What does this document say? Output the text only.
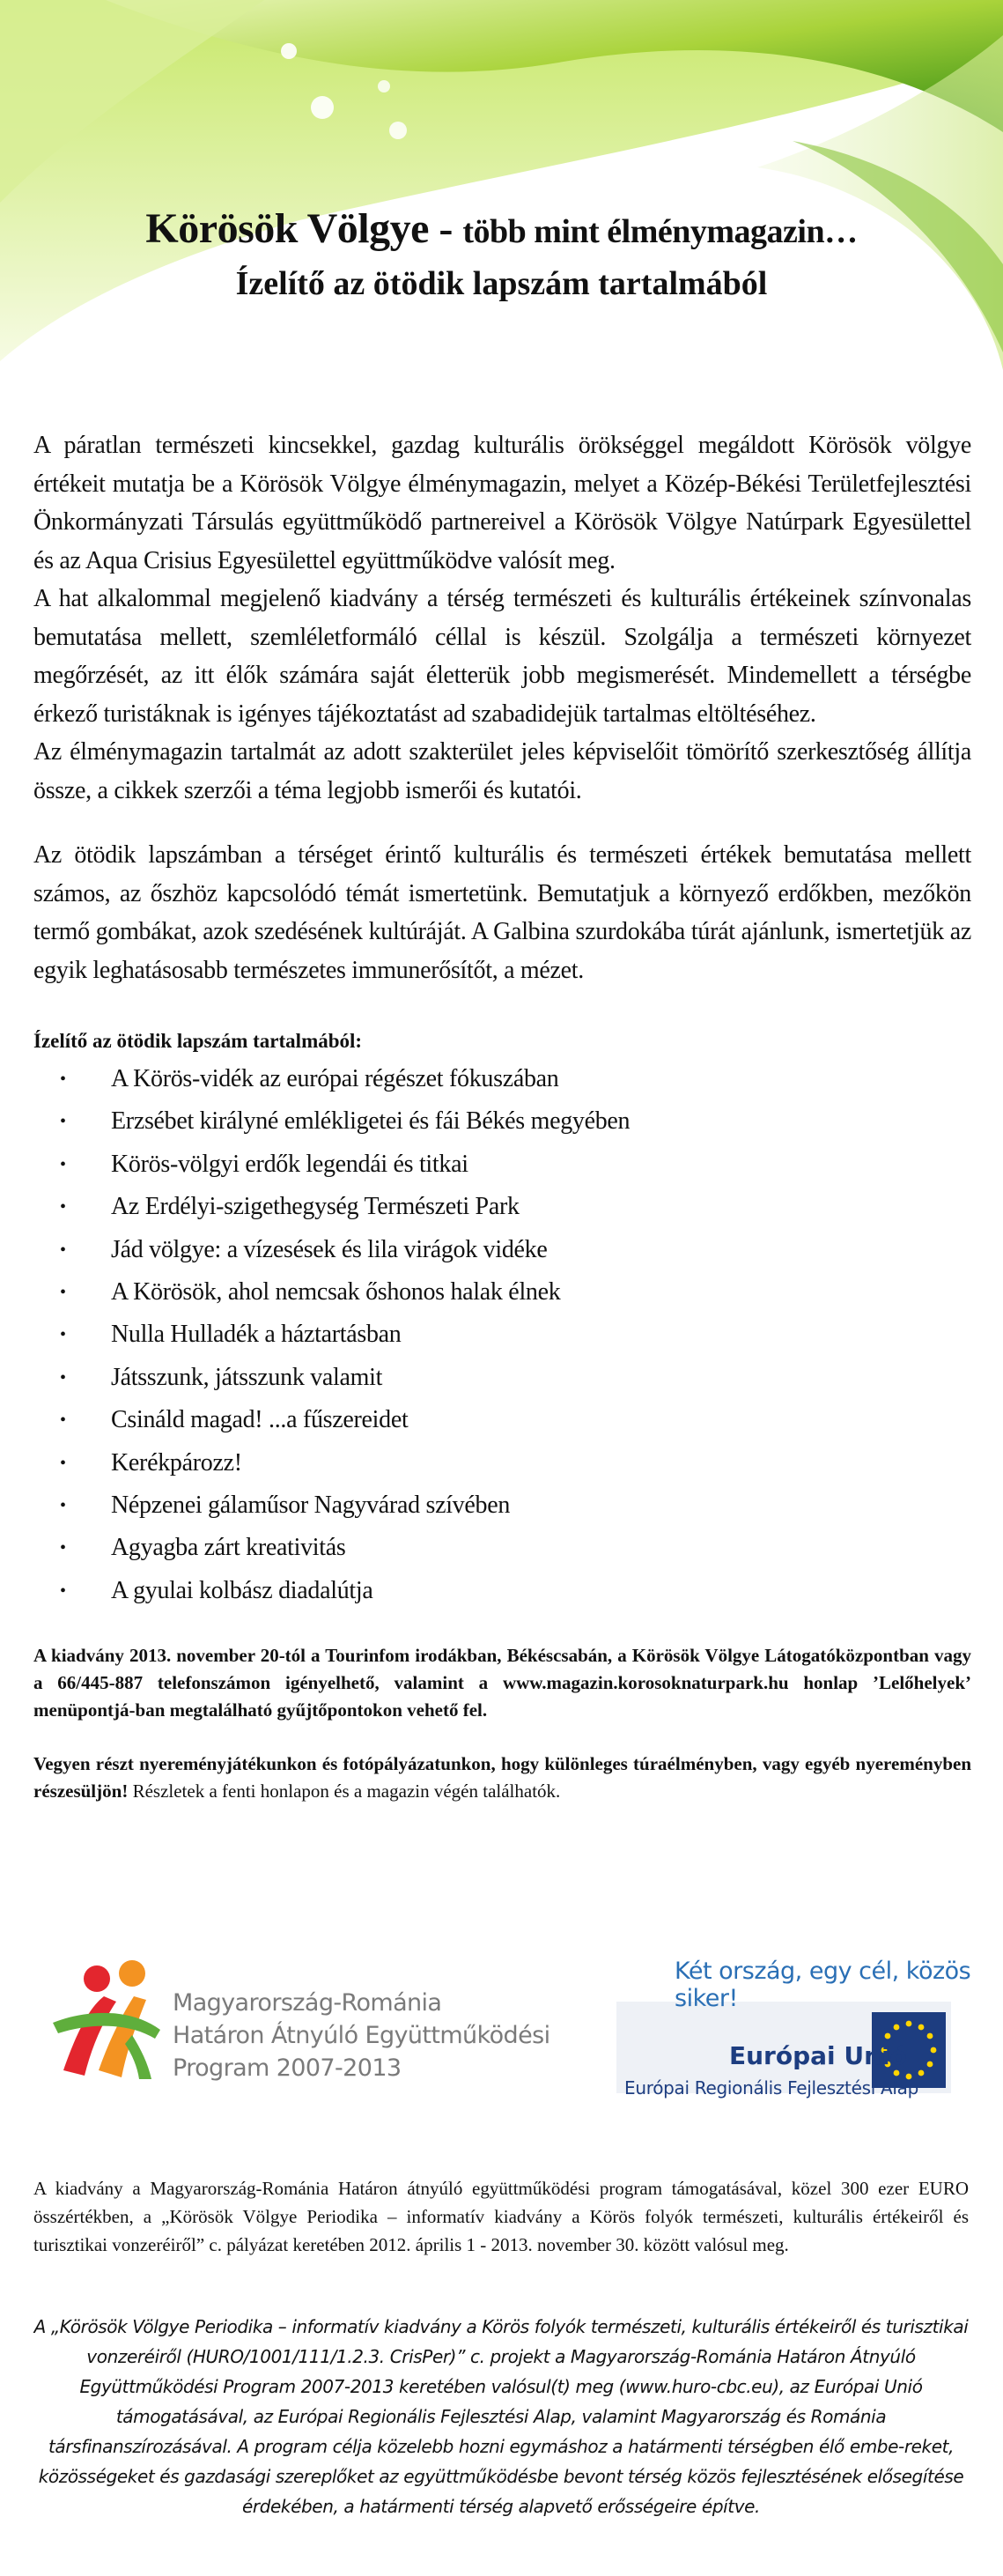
Körösök Völgye - több mint élménymagazin…
Ízelítő az ötödik lapszám tartalmából

A páratlan természeti kincsekkel, gazdag kulturális örökséggel megáldott Körösök völgye értékeit mutatja be a Körösök Völgye élménymagazin, melyet a Közép-Békési Területfejlesztési Önkormányzati Társulás együttműködő partnereivel a Körösök Völgye Natúrpark Egyesülettel és az Aqua Crisius Egyesülettel együttműködve valósít meg.

A hat alkalommal megjelenő kiadvány a térség természeti és kulturális értékeinek színvonalas bemutatása mellett, szemléletformáló céllal is készül. Szolgálja a természeti környezet megőrzését, az itt élők számára saját életterük jobb megismerését. Mindemellett a térségbe érkező turistáknak is igényes tájékoztatást ad szabadidejük tartalmas eltöltéséhez.

Az élménymagazin tartalmát az adott szakterület jeles képviselőit tömörítő szerkesztőség állítja össze, a cikkek szerzői a téma legjobb ismerői és kutatói.

Az ötödik lapszámban a térséget érintő kulturális és természeti értékek bemutatása mellett számos, az őszhöz kapcsolódó témát ismertetünk. Bemutatjuk a környező erdőkben, mezőkön termő gombákat, azok szedésének kultúráját. A Galbina szurdokába túrát ajánlunk, ismertetjük az egyik leghatásosabb természetes immunerősítőt, a mézet.

Ízelítő az ötödik lapszám tartalmából:

• A Körös-vidék az európai régészet fókuszában
• Erzsébet királyné emlékligetei és fái Békés megyében
• Körös-völgyi erdők legendái és titkai
• Az Erdélyi-szigethegység Természeti Park
• Jád völgye: a vízesések és lila virágok vidéke
• A Körösök, ahol nemcsak őshonos halak élnek
• Nulla Hulladék a háztartásban
• Játsszunk, játsszunk valamit
• Csináld magad! ...a fűszereidet
• Kerékpározz!
• Népzenei gálaműsor Nagyvárad szívében
• Agyagba zárt kreativitás
• A gyulai kolbász diadalútja

A kiadvány 2013. november 20-tól a Tourinfom irodákban, Békéscsabán, a Körösök Völgye Látogatóközpontban vagy a 66/445-887 telefonszámon igényelhető, valamint a www.magazin.korosoknaturpark.hu honlap ’Lelőhelyek’ menüpontjá-ban megtalálható gyűjtőpontokon vehető fel.

Vegyen részt nyereményjátékunkon és fotópályázatunkon, hogy különleges túraélményben, vagy egyéb nyereményben részesüljön! Részletek a fenti honlapon és a magazin végén találhatók.

Két ország, egy cél, közös siker!
Magyarország-Románia
Határon Átnyúló Együttműködési
Program 2007-2013	Európai Unió
Európai Regionális Fejlesztési Alap

A kiadvány a Magyarország-Románia Határon átnyúló együttműködési program támogatásával, közel 300 ezer EURO összértékben, a „Körösök Völgye Periodika – informatív kiadvány a Körös folyók természeti, kulturális értékeiről és turisztikai vonzeréiről” c. pályázat keretében 2012. április 1 - 2013. november 30. között valósul meg.

A „Körösök Völgye Periodika – informatív kiadvány a Körös folyók természeti, kulturális értékeiről és turisztikai vonzeréiről (HURO/1001/111/1.2.3. CrisPer)” c. projekt a Magyarország-Románia Határon Átnyúló Együttműködési Program 2007-2013 keretében valósul(t) meg (www.huro-cbc.eu), az Európai Unió támogatásával, az Európai Regionális Fejlesztési Alap, valamint Magyarország és Románia társfinanszírozásával. A program célja közelebb hozni egymáshoz a határmenti térségben élő embe-reket, közösségeket és gazdasági szereplőket az együttműködésbe bevont térség közös fejlesztésének elősegítése érdekében, a határmenti térség alapvető erősségeire építve.
